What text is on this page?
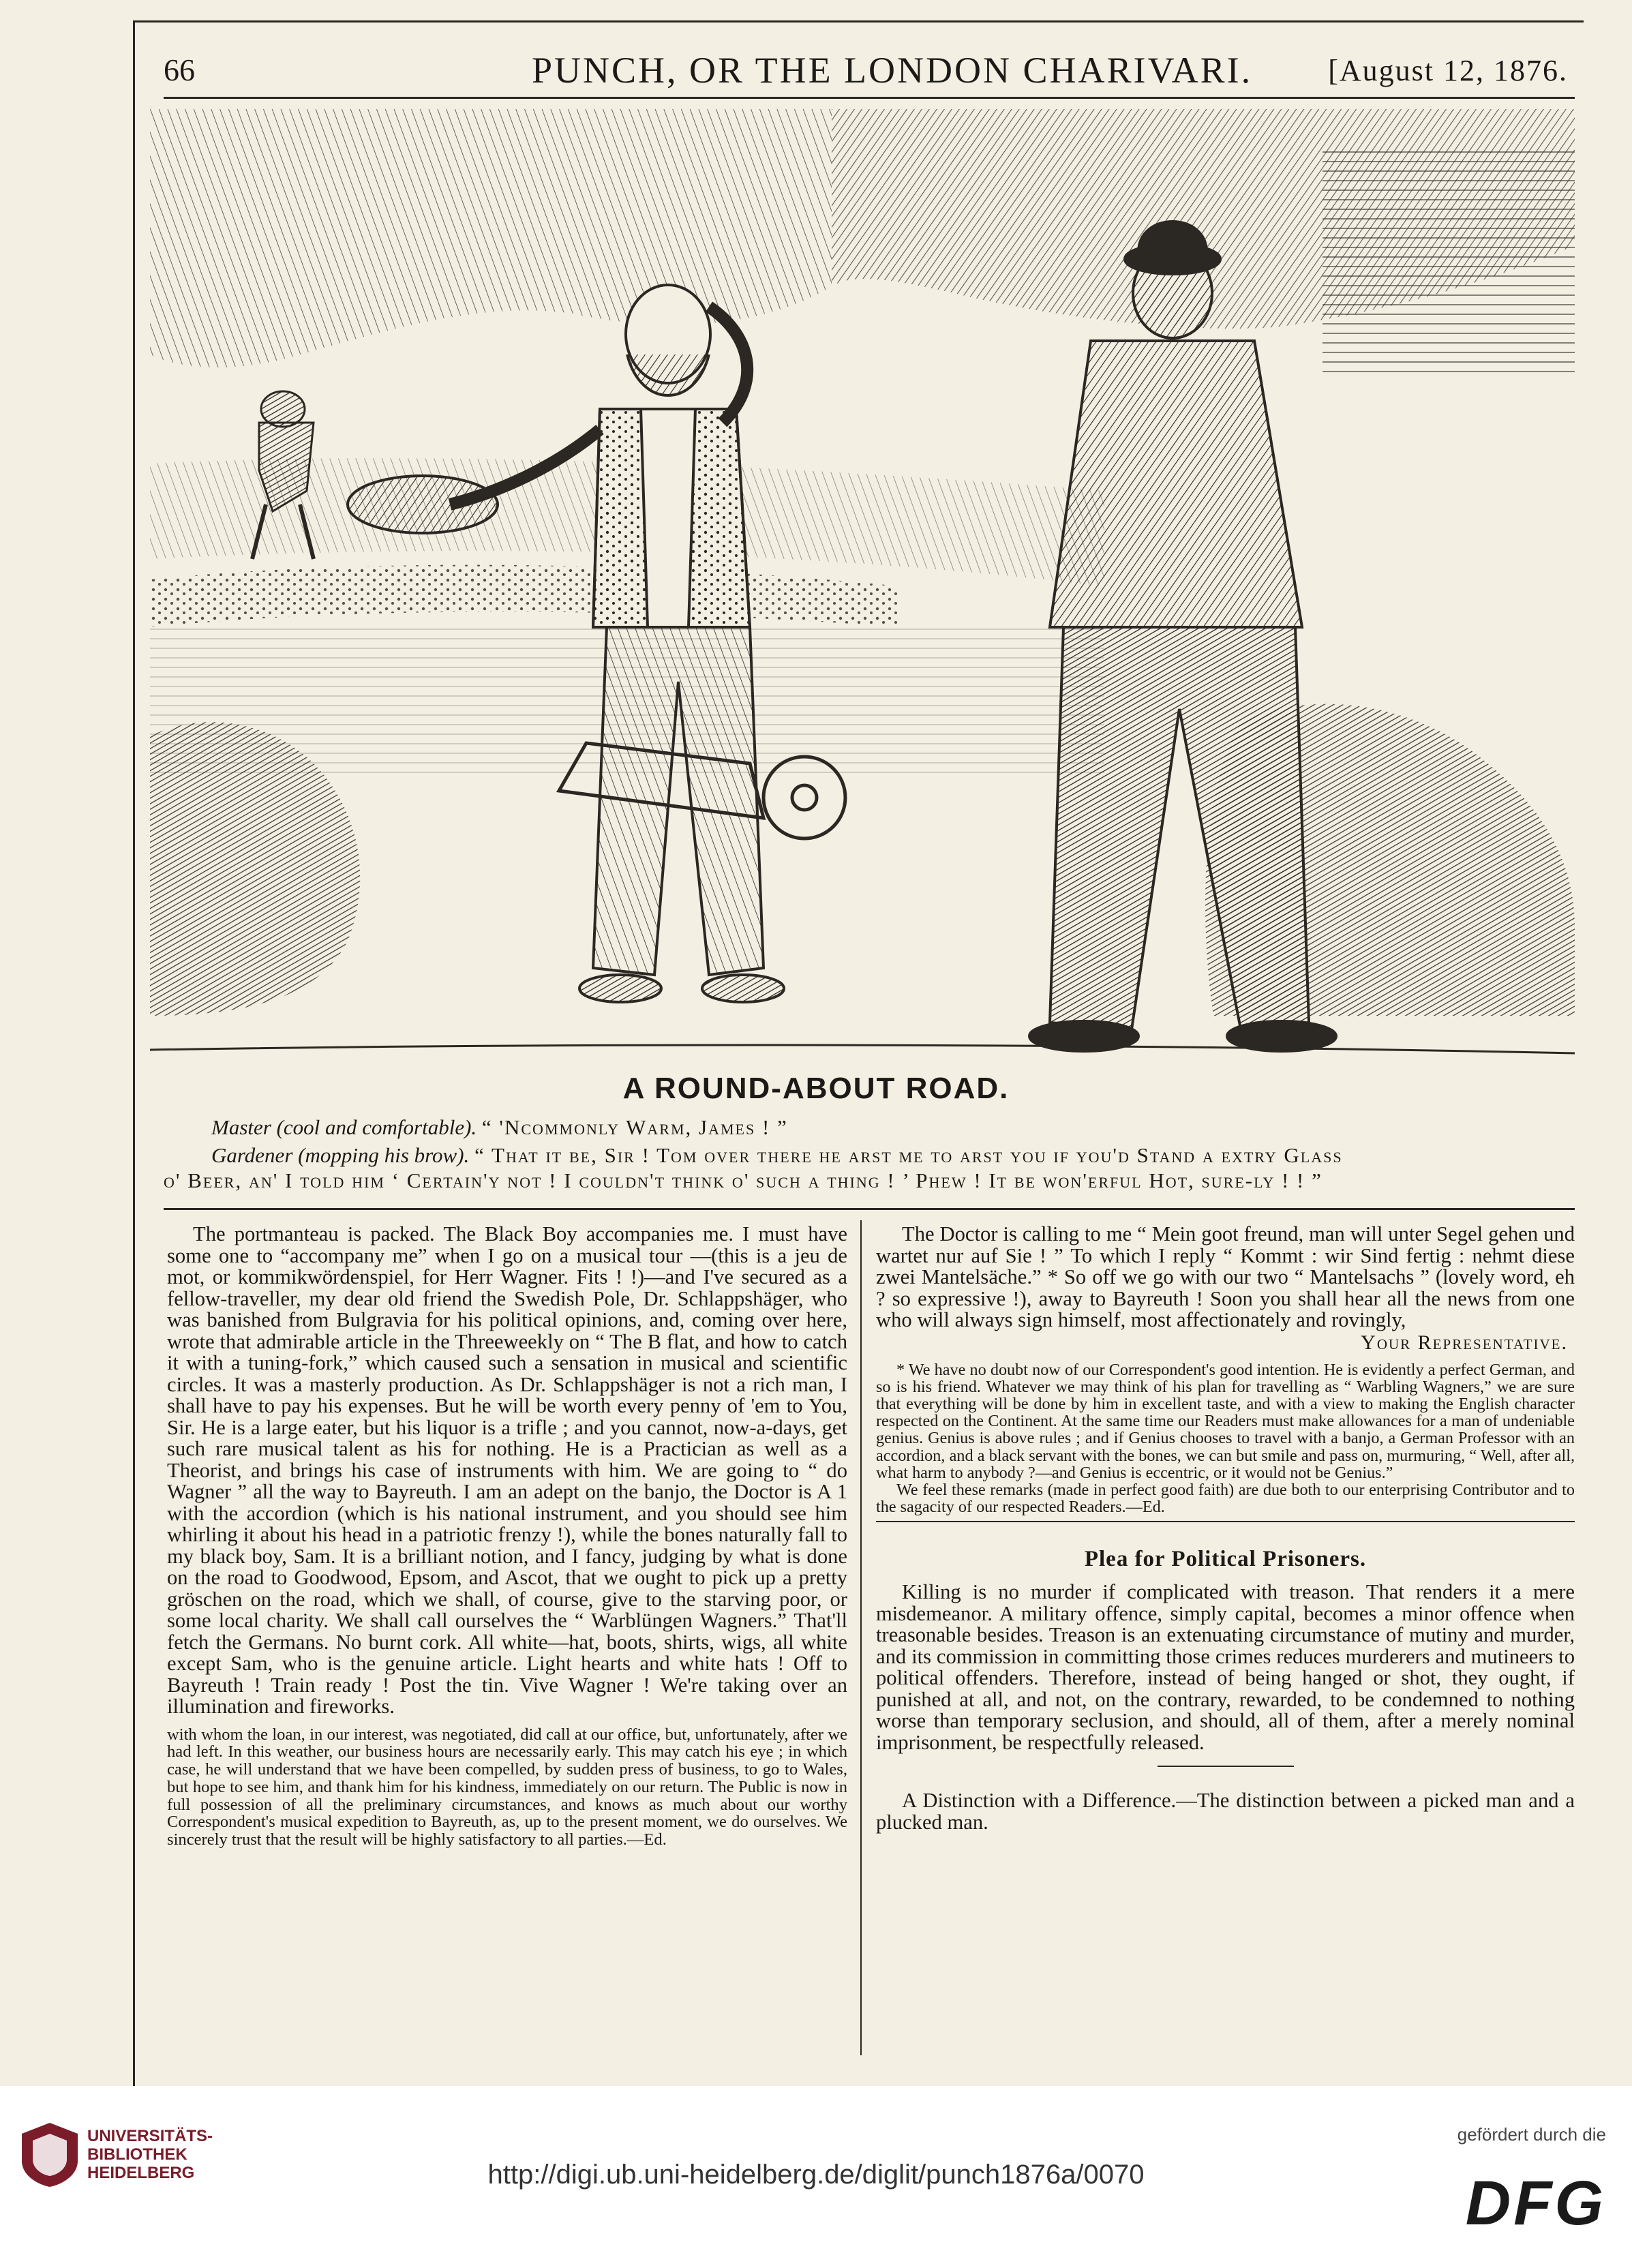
66	PUNCH, OR THE LONDON CHARIVARI.	[August 12, 1876.
A ROUND-ABOUT ROAD.
Master (cool and comfortable). “ 'Ncommonly Warm, James ! ”
Gardener (mopping his brow). “ That it be, Sir ! Tom over there he arst me to arst you if you'd Stand a extry Glass
o' Beer, an' I told him ‘ Certain'y not ! I couldn't think o' such a thing ! ’ Phew ! It be won'erful Hot, sure-ly ! ! ”

The portmanteau is packed. The Black Boy accompanies me. I must have some one to “accompany me” when I go on a musical tour —(this is a jeu de mot, or kommikwördenspiel, for Herr Wagner. Fits ! !)—and I've secured as a fellow-traveller, my dear old friend the Swedish Pole, Dr. Schlappshäger, who was banished from Bulgravia for his political opinions, and, coming over here, wrote that admirable article in the Threeweekly on “ The B flat, and how to catch it with a tuning-fork,” which caused such a sensation in musical and scientific circles. It was a masterly production. As Dr. Schlappshäger is not a rich man, I shall have to pay his expenses. But he will be worth every penny of 'em to You, Sir. He is a large eater, but his liquor is a trifle ; and you cannot, now-a-days, get such rare musical talent as his for nothing. He is a Practician as well as a Theorist, and brings his case of instruments with him. We are going to “ do Wagner ” all the way to Bayreuth. I am an adept on the banjo, the Doctor is A 1 with the accordion (which is his national instrument, and you should see him whirling it about his head in a patriotic frenzy !), while the bones naturally fall to my black boy, Sam. It is a brilliant notion, and I fancy, judging by what is done on the road to Goodwood, Epsom, and Ascot, that we ought to pick up a pretty gröschen on the road, which we shall, of course, give to the starving poor, or some local charity. We shall call ourselves the “ Warblüngen Wagners.” That'll fetch the Germans. No burnt cork. All white—hat, boots, shirts, wigs, all white except Sam, who is the genuine article. Light hearts and white hats ! Off to Bayreuth ! Train ready ! Post the tin. Vive Wagner ! We're taking over an illumination and fireworks.

with whom the loan, in our interest, was negotiated, did call at our office, but, unfortunately, after we had left. In this weather, our business hours are necessarily early. This may catch his eye ; in which case, he will understand that we have been compelled, by sudden press of business, to go to Wales, but hope to see him, and thank him for his kindness, immediately on our return. The Public is now in full possession of all the preliminary circumstances, and knows as much about our worthy Correspondent's musical expedition to Bayreuth, as, up to the present moment, we do ourselves. We sincerely trust that the result will be highly satisfactory to all parties.—Ed.

The Doctor is calling to me “ Mein goot freund, man will unter Segel gehen und wartet nur auf Sie ! ” To which I reply “ Kommt : wir Sind fertig : nehmt diese zwei Mantelsäche.” * So off we go with our two “ Mantelsachs ” (lovely word, eh ? so expressive !), away to Bayreuth ! Soon you shall hear all the news from one who will always sign himself, most affectionately and rovingly,

Your Representative.

* We have no doubt now of our Correspondent's good intention. He is evidently a perfect German, and so is his friend. Whatever we may think of his plan for travelling as “ Warbling Wagners,” we are sure that everything will be done by him in excellent taste, and with a view to making the English character respected on the Continent. At the same time our Readers must make allowances for a man of undeniable genius. Genius is above rules ; and if Genius chooses to travel with a banjo, a German Professor with an accordion, and a black servant with the bones, we can but smile and pass on, murmuring, “ Well, after all, what harm to anybody ?—and Genius is eccentric, or it would not be Genius.”

We feel these remarks (made in perfect good faith) are due both to our enterprising Contributor and to the sagacity of our respected Readers.—Ed.

Plea for Political Prisoners.

Killing is no murder if complicated with treason. That renders it a mere misdemeanor. A military offence, simply capital, becomes a minor offence when treasonable besides. Treason is an extenuating circumstance of mutiny and murder, and its commission in committing those crimes reduces murderers and mutineers to political offenders. Therefore, instead of being hanged or shot, they ought, if punished at all, and not, on the contrary, rewarded, to be condemned to nothing worse than temporary seclusion, and should, all of them, after a merely nominal imprisonment, be respectfully released.

A Distinction with a Difference.—The distinction between a picked man and a plucked man.

UNIVERSITÄTS-
BIBLIOTHEK
HEIDELBERG	http://digi.ub.uni-heidelberg.de/diglit/punch1876a/0070
gefördert durch die
DFG
